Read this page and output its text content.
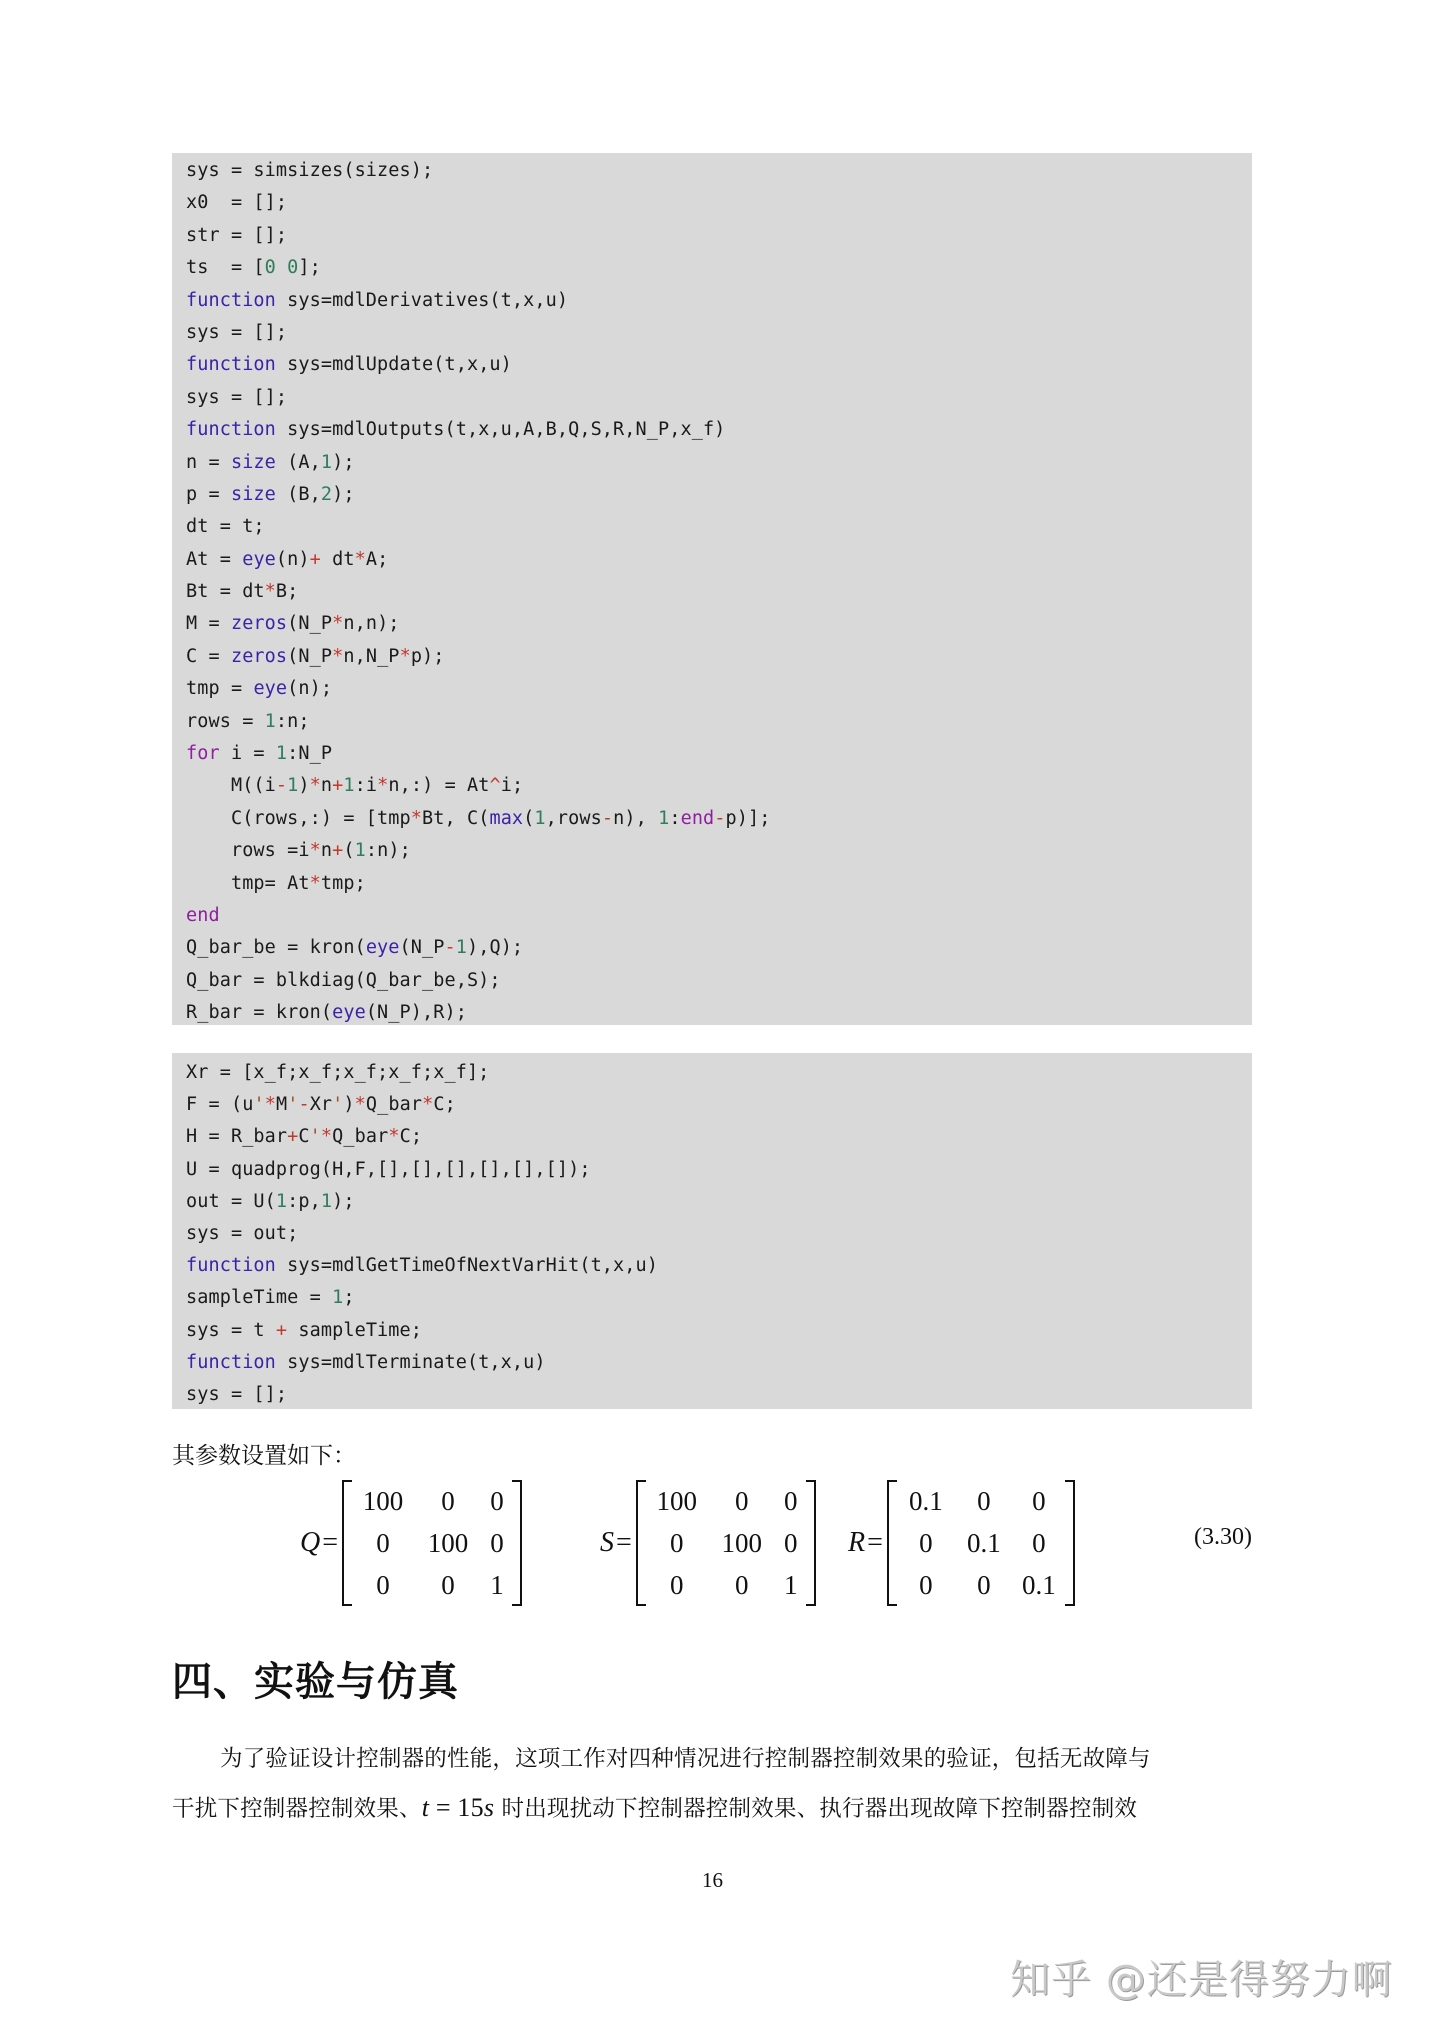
sys = simsizes(sizes);
x0  = [];
str = [];
ts  = [0 0];
function sys=mdlDerivatives(t,x,u)
sys = [];
function sys=mdlUpdate(t,x,u)
sys = [];
function sys=mdlOutputs(t,x,u,A,B,Q,S,R,N_P,x_f)
n = size (A,1);
p = size (B,2);
dt = t;
At = eye(n)+ dt*A;
Bt = dt*B;
M = zeros(N_P*n,n);
C = zeros(N_P*n,N_P*p);
tmp = eye(n);
rows = 1:n;
for i = 1:N_P
M((i-1)*n+1:i*n,:) = At^i;
C(rows,:) = [tmp*Bt, C(max(1,rows-n), 1:end-p)];
rows =i*n+(1:n);
tmp= At*tmp;
end
Q_bar_be = kron(eye(N_P-1),Q);
Q_bar = blkdiag(Q_bar_be,S);
R_bar = kron(eye(N_P),R);
Xr = [x_f;x_f;x_f;x_f;x_f];
F = (u'*M'-Xr')*Q_bar*C;
H = R_bar+C'*Q_bar*C;
U = quadprog(H,F,[],[],[],[],[],[]);
out = U(1:p,1);
sys = out;
function sys=mdlGetTimeOfNextVarHit(t,x,u)
sampleTime = 1;
sys = t + sampleTime;
function sys=mdlTerminate(t,x,u)
sys = [];
其参数设置如下：
Q =
100	0	0
0	100 0
0	0	1
S =
100	0	0
0	100 0
0	0	1
R =
0.1	0	0
0	0.1	0
0	0	0.1
(3.30)
四、实验与仿真
为了验证设计控制器的性能，这项工作对四种情况进行控制器控制效果的验证，包括无故障与
干扰下控制器控制效果、t = 15s 时出现扰动下控制器控制效果、执行器出现故障下控制器控制效
16
知乎 @还是得努力啊
